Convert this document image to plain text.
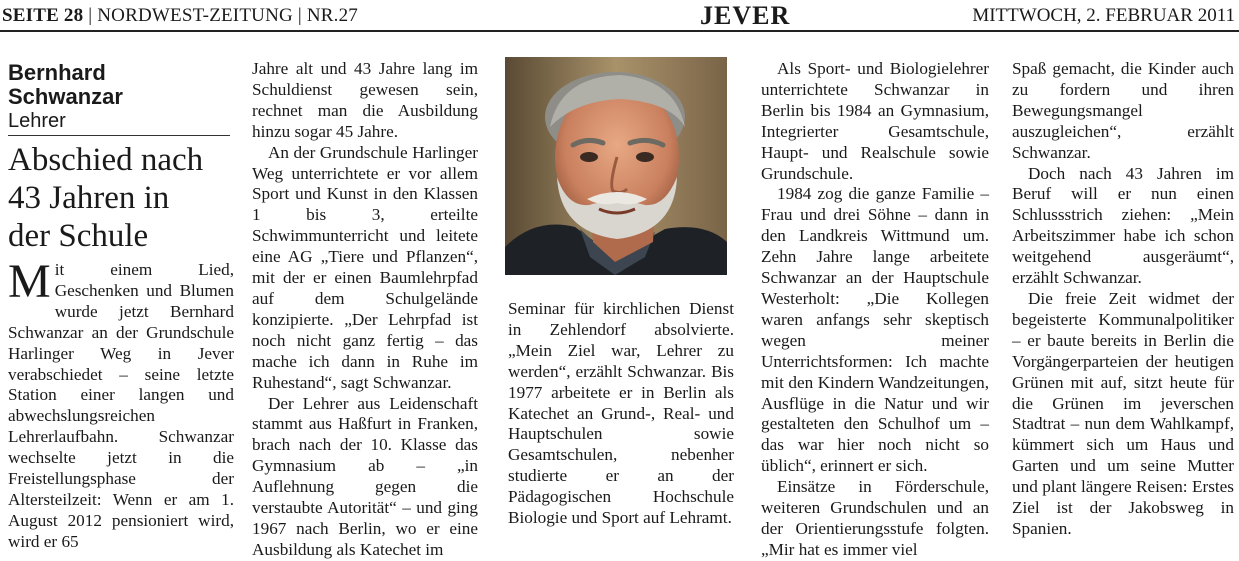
SEITE 28 | NORDWEST-ZEITUNG | NR.27	JEVER	MITTWOCH, 2. FEBRUAR 2011
Bernhard
Schwanzar
Lehrer
Abschied nach
43 Jahren in
der Schule

Mit einem Lied, Geschenken und Blumen wurde jetzt Bernhard Schwanzar an der Grundschule Harlinger Weg in Jever verabschiedet – seine letzte Station einer langen und abwechslungsreichen Lehrerlaufbahn. Schwanzar wechselte jetzt in die Freistellungsphase der Altersteilzeit: Wenn er am 1. August 2012 pensioniert wird, wird er 65

Jahre alt und 43 Jahre lang im Schuldienst gewesen sein, rechnet man die Ausbildung hinzu sogar 45 Jahre.

An der Grundschule Harlinger Weg unterrichtete er vor allem Sport und Kunst in den Klassen 1 bis 3, erteilte Schwimmunterricht und leitete eine AG „Tiere und Pflanzen“, mit der er einen Baumlehrpfad auf dem Schulgelände konzipierte. „Der Lehrpfad ist noch nicht ganz fertig – das mache ich dann in Ruhe im Ruhestand“, sagt Schwanzar.

Der Lehrer aus Leidenschaft stammt aus Haßfurt in Franken, brach nach der 10. Klasse das Gymnasium ab – „in Auflehnung gegen die verstaubte Autorität“ – und ging 1967 nach Berlin, wo er eine Ausbildung als Katechet im

Seminar für kirchlichen Dienst in Zehlendorf absolvierte. „Mein Ziel war, Lehrer zu werden“, erzählt Schwanzar. Bis 1977 arbeitete er in Berlin als Katechet an Grund-, Real- und Hauptschulen sowie Gesamtschulen, nebenher studierte er an der Pädagogischen Hochschule Biologie und Sport auf Lehramt.

Als Sport- und Biologielehrer unterrichtete Schwanzar in Berlin bis 1984 an Gymnasium, Integrierter Gesamtschule, Haupt- und Realschule sowie Grundschule.

1984 zog die ganze Familie – Frau und drei Söhne – dann in den Landkreis Wittmund um. Zehn Jahre lange arbeitete Schwanzar an der Hauptschule Westerholt: „Die Kollegen waren anfangs sehr skeptisch wegen meiner Unterrichtsformen: Ich machte mit den Kindern Wandzeitungen, Ausflüge in die Natur und wir gestalteten den Schulhof um – das war hier noch nicht so üblich“, erinnert er sich.

Einsätze in Förderschule, weiteren Grundschulen und an der Orientierungsstufe folgten. „Mir hat es immer viel

Spaß gemacht, die Kinder auch zu fordern und ihren Bewegungsmangel auszugleichen“, erzählt Schwanzar.

Doch nach 43 Jahren im Beruf will er nun einen Schlussstrich ziehen: „Mein Arbeitszimmer habe ich schon weitgehend ausgeräumt“, erzählt Schwanzar.

Die freie Zeit widmet der begeisterte Kommunalpolitiker – er baute bereits in Berlin die Vorgängerparteien der heutigen Grünen mit auf, sitzt heute für die Grünen im jeverschen Stadtrat – nun dem Wahlkampf, kümmert sich um Haus und Garten und um seine Mutter und plant längere Reisen: Erstes Ziel ist der Jakobsweg in Spanien.
